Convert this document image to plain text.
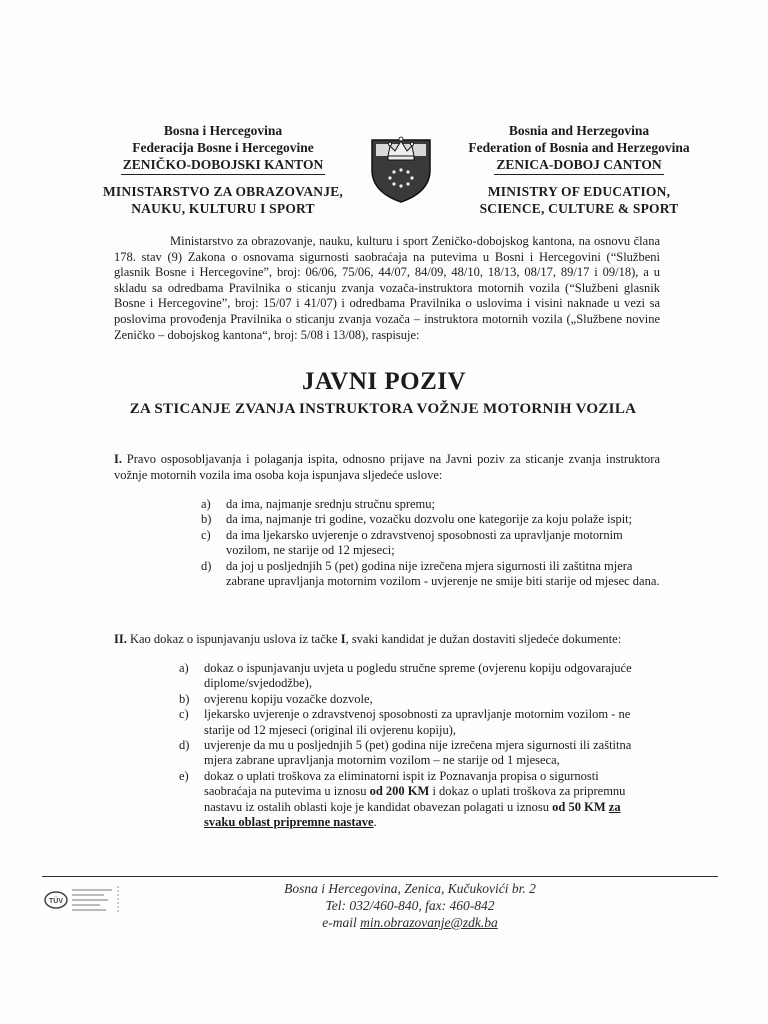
Bosna i Hercegovina
Federacija Bosne i Hercegovine
ZENIČKO-DOBOJSKI KANTON
MINISTARSTVO ZA OBRAZOVANJE,
NAUKU, KULTURU I SPORT
Bosnia and Herzegovina
Federation of Bosnia and Herzegovina
ZENICA-DOBOJ CANTON
MINISTRY OF EDUCATION,
SCIENCE, CULTURE & SPORT
Ministarstvo za obrazovanje, nauku, kulturu i sport Zeničko-dobojskog kantona, na osnovu člana 178. stav (9) Zakona o osnovama sigurnosti saobraćaja na putevima u Bosni i Hercegovini (“Službeni glasnik Bosne i Hercegovine”, broj: 06/06, 75/06, 44/07, 84/09, 48/10, 18/13, 08/17, 89/17 i 09/18), a u skladu sa odredbama Pravilnika o sticanju zvanja vozača-instruktora motornih vozila (“Službeni glasnik Bosne i Hercegovine”, broj: 15/07 i 41/07) i odredbama Pravilnika o uslovima i visini naknade u vezi sa poslovima provođenja Pravilnika o sticanju zvanja vozača – instruktora motornih vozila („Službene novine Zeničko – dobojskog kantona“, broj: 5/08 i 13/08), raspisuje:
JAVNI POZIV
ZA STICANJE ZVANJA INSTRUKTORA VOŽNJE MOTORNIH VOZILA
I. Pravo osposobljavanja i polaganja ispita, odnosno prijave na Javni poziv za sticanje zvanja instruktora vožnje motornih vozila ima osoba koja ispunjava sljedeće uslove:
a) da ima, najmanje srednju stručnu spremu;
b) da ima, najmanje tri godine, vozačku dozvolu one kategorije za koju polaže ispit;
c) da ima ljekarsko uvjerenje o zdravstvenoj sposobnosti za upravljanje motornim vozilom, ne starije od 12 mjeseci;
d) da joj u posljednjih 5 (pet) godina nije izrečena mjera sigurnosti ili zaštitna mjera zabrane upravljanja motornim vozilom - uvjerenje ne smije biti starije od mjesec dana.
II. Kao dokaz o ispunjavanju uslova iz tačke I, svaki kandidat je dužan dostaviti sljedeće dokumente:
a) dokaz o ispunjavanju uvjeta u pogledu stručne spreme (ovjerenu kopiju odgovarajuće diplome/svjedodžbe),
b) ovjerenu kopiju vozačke dozvole,
c) ljekarsko uvjerenje o zdravstvenoj sposobnosti za upravljanje motornim vozilom - ne starije od 12 mjeseci (original ili ovjerenu kopiju),
d) uvjerenje da mu u posljednjih 5 (pet) godina nije izrečena mjera sigurnosti ili zaštitna mjera zabrane upravljanja motornim vozilom – ne starije od 1 mjeseca,
e) dokaz o uplati troškova za eliminatorni ispit iz Poznavanja propisa o sigurnosti saobraćaja na putevima u iznosu od 200 KM i dokaz o uplati troškova za pripremnu nastavu iz ostalih oblasti koje je kandidat obavezan polagati u iznosu od 50 KM za svaku oblast pripremne nastave.
TÜV
Bosna i Hercegovina, Zenica, Kučukovići br. 2
Tel: 032/460-840, fax: 460-842
e-mail min.obrazovanje@zdk.ba
